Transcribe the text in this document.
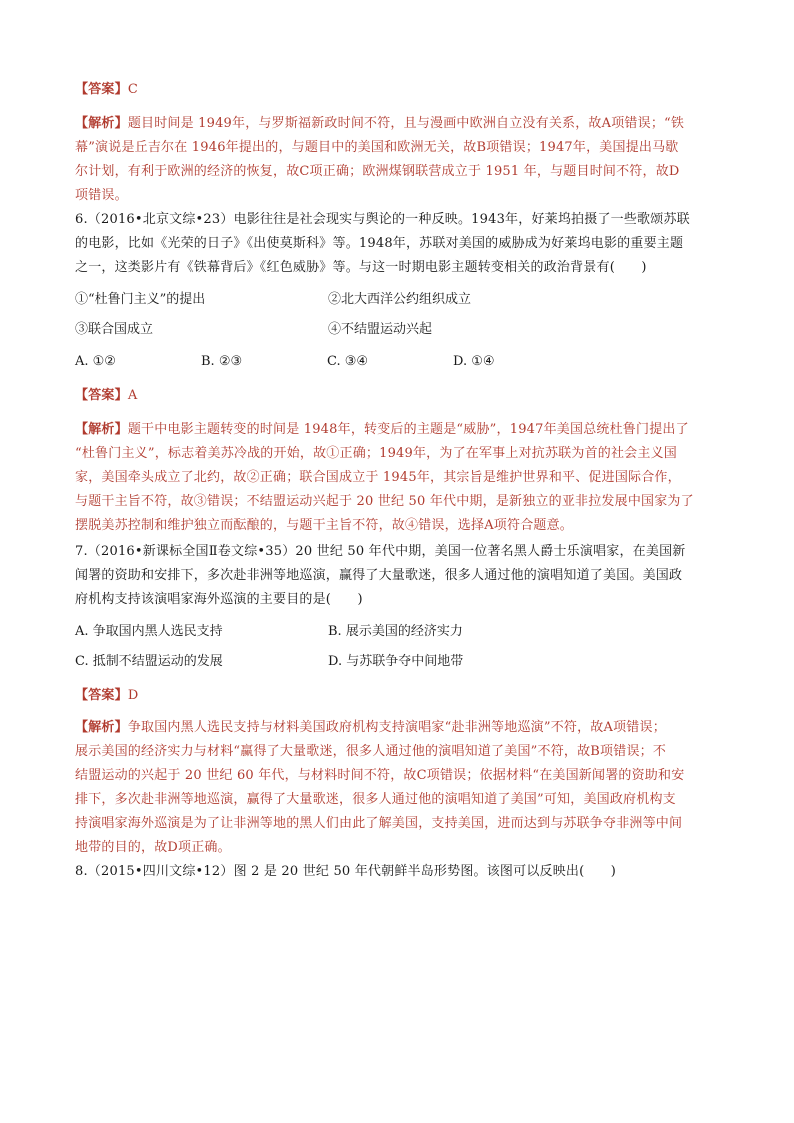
【答案】C
【解析】题目时间是 1949年，与罗斯福新政时间不符，且与漫画中欧洲自立没有关系，故A项错误；“铁
幕”演说是丘吉尔在 1946年提出的，与题目中的美国和欧洲无关，故B项错误；1947年，美国提出马歇
尔计划，有利于欧洲的经济的恢复，故C项正确；欧洲煤钢联营成立于 1951 年，与题目时间不符，故D
项错误。
6.（2016•北京文综•23）电影往往是社会现实与舆论的一种反映。1943年，好莱坞拍摄了一些歌颂苏联
的电影，比如《光荣的日子》《出使莫斯科》等。1948年，苏联对美国的威胁成为好莱坞电影的重要主题
之一，这类影片有《铁幕背后》《红色威胁》等。与这一时期电影主题转变相关的政治背景有(　　)
①“杜鲁门主义”的提出	②北大西洋公约组织成立
③联合国成立	④不结盟运动兴起
A. ①②	B. ②③	C. ③④	D. ①④
【答案】A
【解析】题干中电影主题转变的时间是 1948年，转变后的主题是“威胁”，1947年美国总统杜鲁门提出了
“杜鲁门主义”，标志着美苏冷战的开始，故①正确；1949年，为了在军事上对抗苏联为首的社会主义国
家，美国牵头成立了北约，故②正确；联合国成立于 1945年，其宗旨是维护世界和平、促进国际合作，
与题干主旨不符，故③错误；不结盟运动兴起于 20 世纪 50 年代中期，是新独立的亚非拉发展中国家为了
摆脱美苏控制和维护独立而酝酿的，与题干主旨不符，故④错误，选择A项符合题意。
7.（2016•新课标全国Ⅱ卷文综•35）20 世纪 50 年代中期，美国一位著名黑人爵士乐演唱家，在美国新
闻署的资助和安排下，多次赴非洲等地巡演，赢得了大量歌迷，很多人通过他的演唱知道了美国。美国政
府机构支持该演唱家海外巡演的主要目的是(　　)
A. 争取国内黑人选民支持	B. 展示美国的经济实力
C. 抵制不结盟运动的发展	D. 与苏联争夺中间地带
【答案】D
【解析】争取国内黑人选民支持与材料美国政府机构支持演唱家“赴非洲等地巡演”不符，故A项错误；
展示美国的经济实力与材料“赢得了大量歌迷，很多人通过他的演唱知道了美国”不符，故B项错误；不
结盟运动的兴起于 20 世纪 60 年代，与材料时间不符，故C项错误；依据材料“在美国新闻署的资助和安
排下，多次赴非洲等地巡演，赢得了大量歌迷，很多人通过他的演唱知道了美国”可知，美国政府机构支
持演唱家海外巡演是为了让非洲等地的黑人们由此了解美国，支持美国，进而达到与苏联争夺非洲等中间
地带的目的，故D项正确。
8.（2015•四川文综•12）图 2 是 20 世纪 50 年代朝鲜半岛形势图。该图可以反映出(　　)
